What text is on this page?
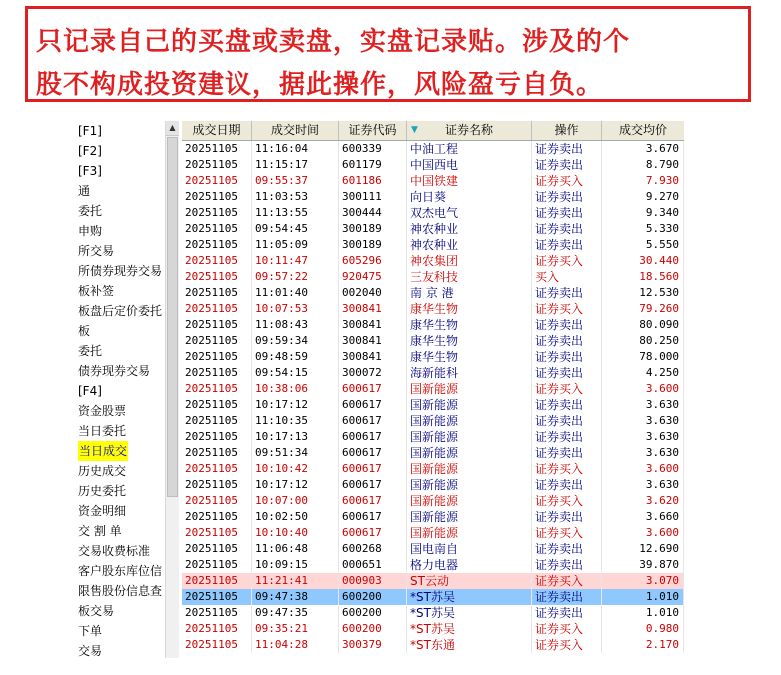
只记录自己的买盘或卖盘，实盘记录贴。涉及的个
股不构成投资建议，据此操作，风险盈亏自负。
[F1]
[F2]
[F3]
通
委托
申购
所交易
所债券现券交易
板补签
板盘后定价委托
板
委托
债券现券交易
[F4]
资金股票
当日委托
当日成交
历史成交
历史委托
资金明细
交 割 单
交易收费标准
客户股东库位信
限售股份信息查
板交易
下单
交易
▲	成交日期	成交时间	证券代码	▼ 证券名称	操作	成交均价
20251105	11:16:04	600339	中油工程	证券卖出	3.670
20251105	11:15:17	601179	中国西电	证券卖出	8.790
20251105	09:55:37	601186	中国铁建	证券买入	7.930
20251105	11:03:53	300111	向日葵	证券卖出	9.270
20251105	11:13:55	300444	双杰电气	证券卖出	9.340
20251105	09:54:45	300189	神农种业	证券卖出	5.330
20251105	11:05:09	300189	神农种业	证券卖出	5.550
20251105	10:11:47	605296	神农集团	证券买入	30.440
20251105	09:57:22	920475	三友科技	买入	18.560
20251105	11:01:40	002040	南 京 港	证券卖出	12.530
20251105	10:07:53	300841	康华生物	证券买入	79.260
20251105	11:08:43	300841	康华生物	证券卖出	80.090
20251105	09:59:34	300841	康华生物	证券卖出	80.250
20251105	09:48:59	300841	康华生物	证券卖出	78.000
20251105	09:54:15	300072	海新能科	证券卖出	4.250
20251105	10:38:06	600617	国新能源	证券买入	3.600
20251105	10:17:12	600617	国新能源	证券卖出	3.630
20251105	11:10:35	600617	国新能源	证券卖出	3.630
20251105	10:17:13	600617	国新能源	证券卖出	3.630
20251105	09:51:34	600617	国新能源	证券卖出	3.630
20251105	10:10:42	600617	国新能源	证券买入	3.600
20251105	10:17:12	600617	国新能源	证券卖出	3.630
20251105	10:07:00	600617	国新能源	证券买入	3.620
20251105	10:02:50	600617	国新能源	证券卖出	3.660
20251105	10:10:40	600617	国新能源	证券买入	3.600
20251105	11:06:48	600268	国电南自	证券卖出	12.690
20251105	10:09:15	000651	格力电器	证券卖出	39.870
20251105	11:21:41	000903	ST云动	证券买入	3.070
20251105	09:47:38	600200	*ST苏吴	证券卖出	1.010
20251105	09:47:35	600200	*ST苏吴	证券卖出	1.010
20251105	09:35:21	600200	*ST苏吴	证券买入	0.980
20251105	11:04:28	300379	*ST东通	证券买入	2.170
